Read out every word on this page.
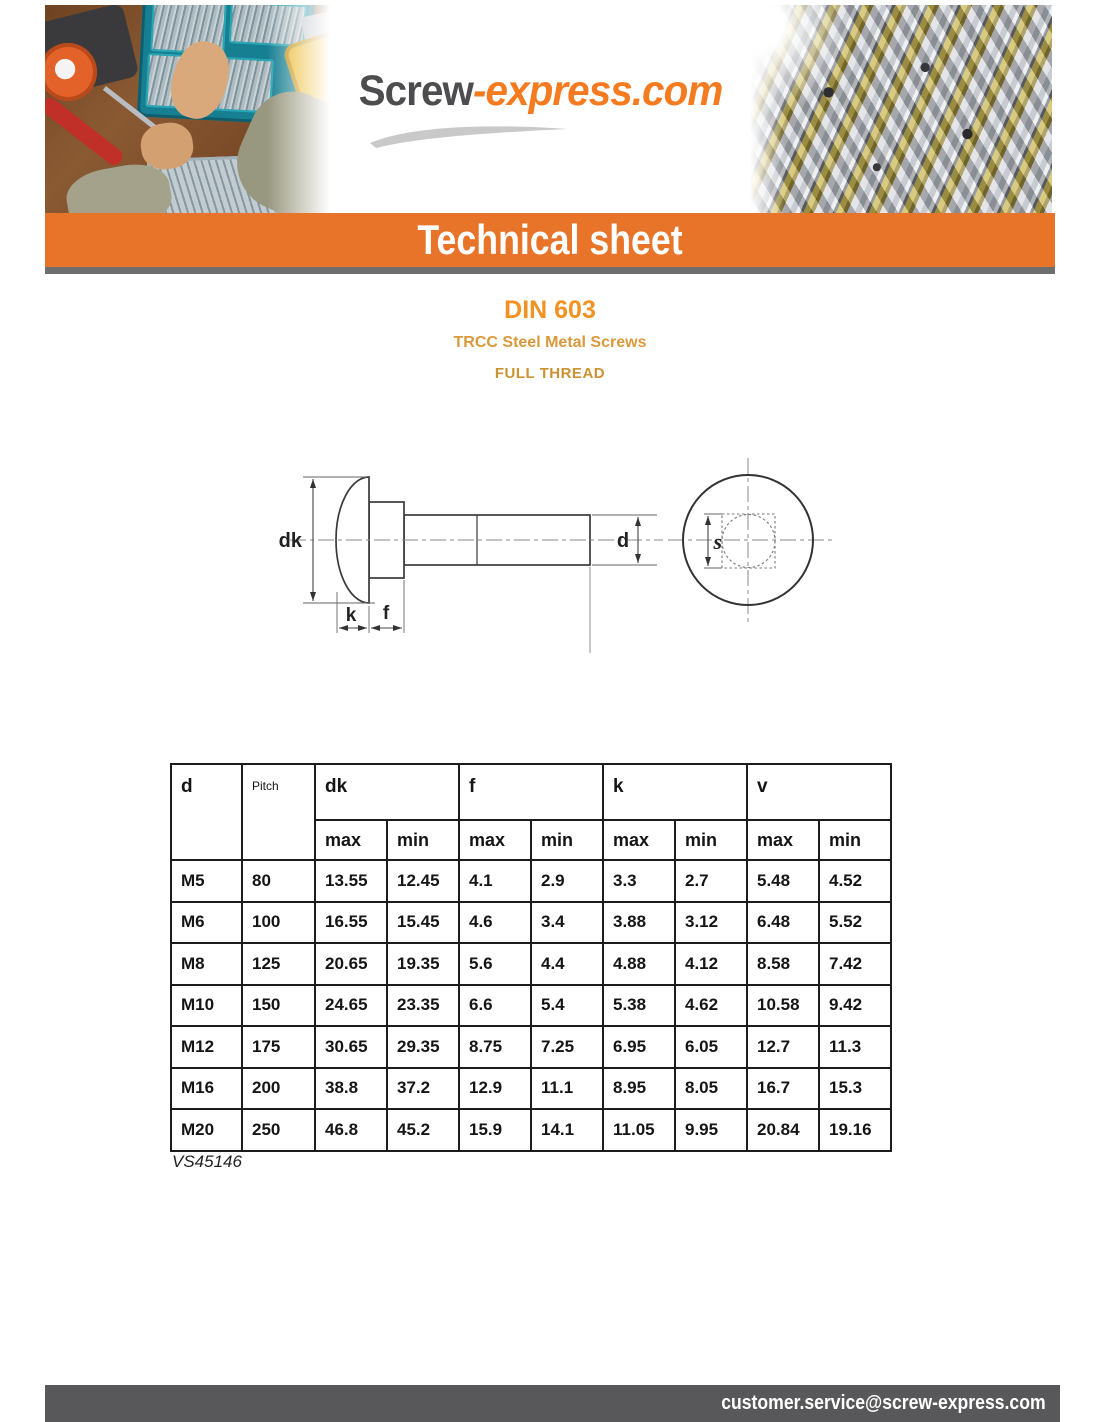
Screw-express.com
Technical sheet
DIN 603
TRCC Steel Metal Screws
FULL THREAD
dk
k f
d	s
d	Pitch	dk		f		k		v	
		max	min	max	min	max	min	max	min
M5	80	13.55	12.45	4.1	2.9	3.3	2.7	5.48	4.52
M6	100	16.55	15.45	4.6	3.4	3.88	3.12	6.48	5.52
M8	125	20.65	19.35	5.6	4.4	4.88	4.12	8.58	7.42
M10	150	24.65	23.35	6.6	5.4	5.38	4.62	10.58	9.42
M12	175	30.65	29.35	8.75	7.25	6.95	6.05	12.7	11.3
M16	200	38.8	37.2	12.9	11.1	8.95	8.05	16.7	15.3
M20	250	46.8	45.2	15.9	14.1	11.05	9.95	20.84	19.16
VS45146
customer.service@screw-express.com
